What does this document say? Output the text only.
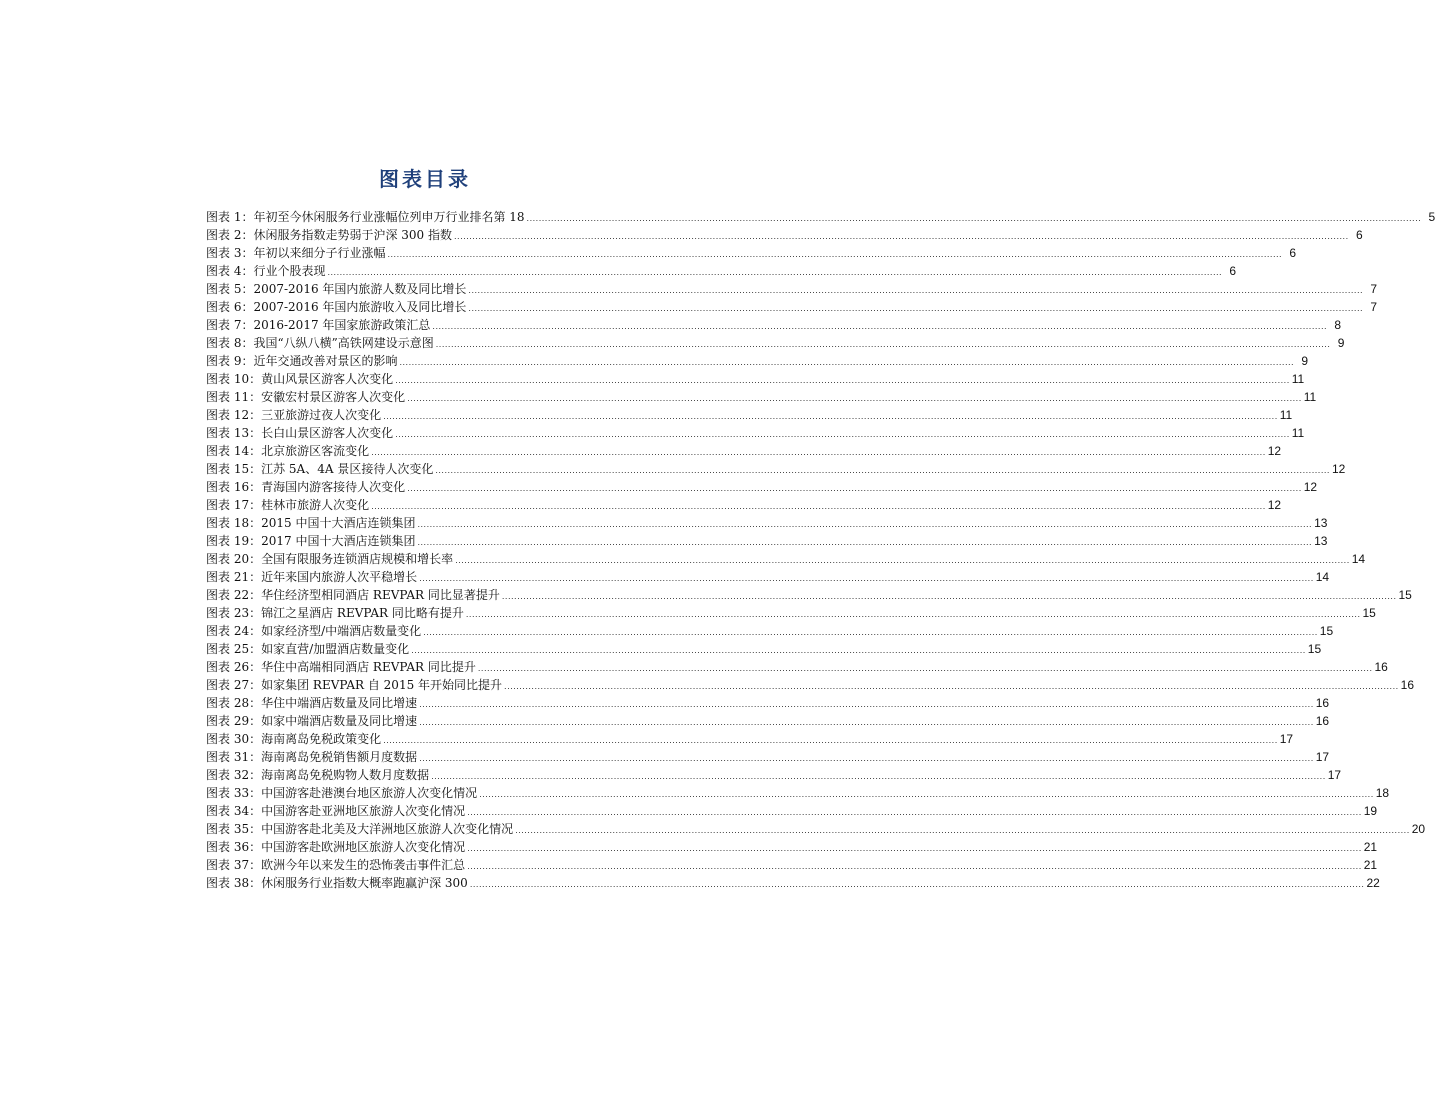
图表目录
图表 1： 年初至今休闲服务行业涨幅位列申万行业排名第 18 ...................................................................................................................................................................................................................................................................................................... 5
图表 2： 休闲服务指数走势弱于沪深 300 指数 ...................................................................................................................................................................................................................................................................................................... 6
图表 3： 年初以来细分子行业涨幅 ...................................................................................................................................................................................................................................................................................................... 6
图表 4： 行业个股表现 ...................................................................................................................................................................................................................................................................................................... 6
图表 5： 2007-2016 年国内旅游人数及同比增长 ...................................................................................................................................................................................................................................................................................................... 7
图表 6： 2007-2016 年国内旅游收入及同比增长 ...................................................................................................................................................................................................................................................................................................... 7
图表 7： 2016-2017 年国家旅游政策汇总 ...................................................................................................................................................................................................................................................................................................... 8
图表 8： 我国“八纵八横”高铁网建设示意图 ...................................................................................................................................................................................................................................................................................................... 9
图表 9： 近年交通改善对景区的影响 ...................................................................................................................................................................................................................................................................................................... 9
图表 10： 黄山风景区游客人次变化 ...................................................................................................................................................................................................................................................................................................... 11
图表 11： 安徽宏村景区游客人次变化 ...................................................................................................................................................................................................................................................................................................... 11
图表 12： 三亚旅游过夜人次变化 ...................................................................................................................................................................................................................................................................................................... 11
图表 13： 长白山景区游客人次变化 ...................................................................................................................................................................................................................................................................................................... 11
图表 14： 北京旅游区客流变化 ...................................................................................................................................................................................................................................................................................................... 12
图表 15： 江苏 5A、4A 景区接待人次变化 ...................................................................................................................................................................................................................................................................................................... 12
图表 16： 青海国内游客接待人次变化 ...................................................................................................................................................................................................................................................................................................... 12
图表 17： 桂林市旅游人次变化 ...................................................................................................................................................................................................................................................................................................... 12
图表 18： 2015 中国十大酒店连锁集团 ...................................................................................................................................................................................................................................................................................................... 13
图表 19： 2017 中国十大酒店连锁集团 ...................................................................................................................................................................................................................................................................................................... 13
图表 20： 全国有限服务连锁酒店规模和增长率 ...................................................................................................................................................................................................................................................................................................... 14
图表 21： 近年来国内旅游人次平稳增长 ...................................................................................................................................................................................................................................................................................................... 14
图表 22： 华住经济型相同酒店 REVPAR 同比显著提升 ...................................................................................................................................................................................................................................................................................................... 15
图表 23： 锦江之星酒店 REVPAR 同比略有提升 ...................................................................................................................................................................................................................................................................................................... 15
图表 24： 如家经济型/中端酒店数量变化 ...................................................................................................................................................................................................................................................................................................... 15
图表 25： 如家直营/加盟酒店数量变化 ...................................................................................................................................................................................................................................................................................................... 15
图表 26： 华住中高端相同酒店 REVPAR 同比提升 ...................................................................................................................................................................................................................................................................................................... 16
图表 27： 如家集团 REVPAR 自 2015 年开始同比提升 ...................................................................................................................................................................................................................................................................................................... 16
图表 28： 华住中端酒店数量及同比增速 ...................................................................................................................................................................................................................................................................................................... 16
图表 29： 如家中端酒店数量及同比增速 ...................................................................................................................................................................................................................................................................................................... 16
图表 30： 海南离岛免税政策变化 ...................................................................................................................................................................................................................................................................................................... 17
图表 31： 海南离岛免税销售额月度数据 ...................................................................................................................................................................................................................................................................................................... 17
图表 32： 海南离岛免税购物人数月度数据 ...................................................................................................................................................................................................................................................................................................... 17
图表 33： 中国游客赴港澳台地区旅游人次变化情况 ...................................................................................................................................................................................................................................................................................................... 18
图表 34： 中国游客赴亚洲地区旅游人次变化情况 ...................................................................................................................................................................................................................................................................................................... 19
图表 35： 中国游客赴北美及大洋洲地区旅游人次变化情况 ...................................................................................................................................................................................................................................................................................................... 20
图表 36： 中国游客赴欧洲地区旅游人次变化情况 ...................................................................................................................................................................................................................................................................................................... 21
图表 37： 欧洲今年以来发生的恐怖袭击事件汇总 ...................................................................................................................................................................................................................................................................................................... 21
图表 38： 休闲服务行业指数大概率跑赢沪深 300 ...................................................................................................................................................................................................................................................................................................... 22
